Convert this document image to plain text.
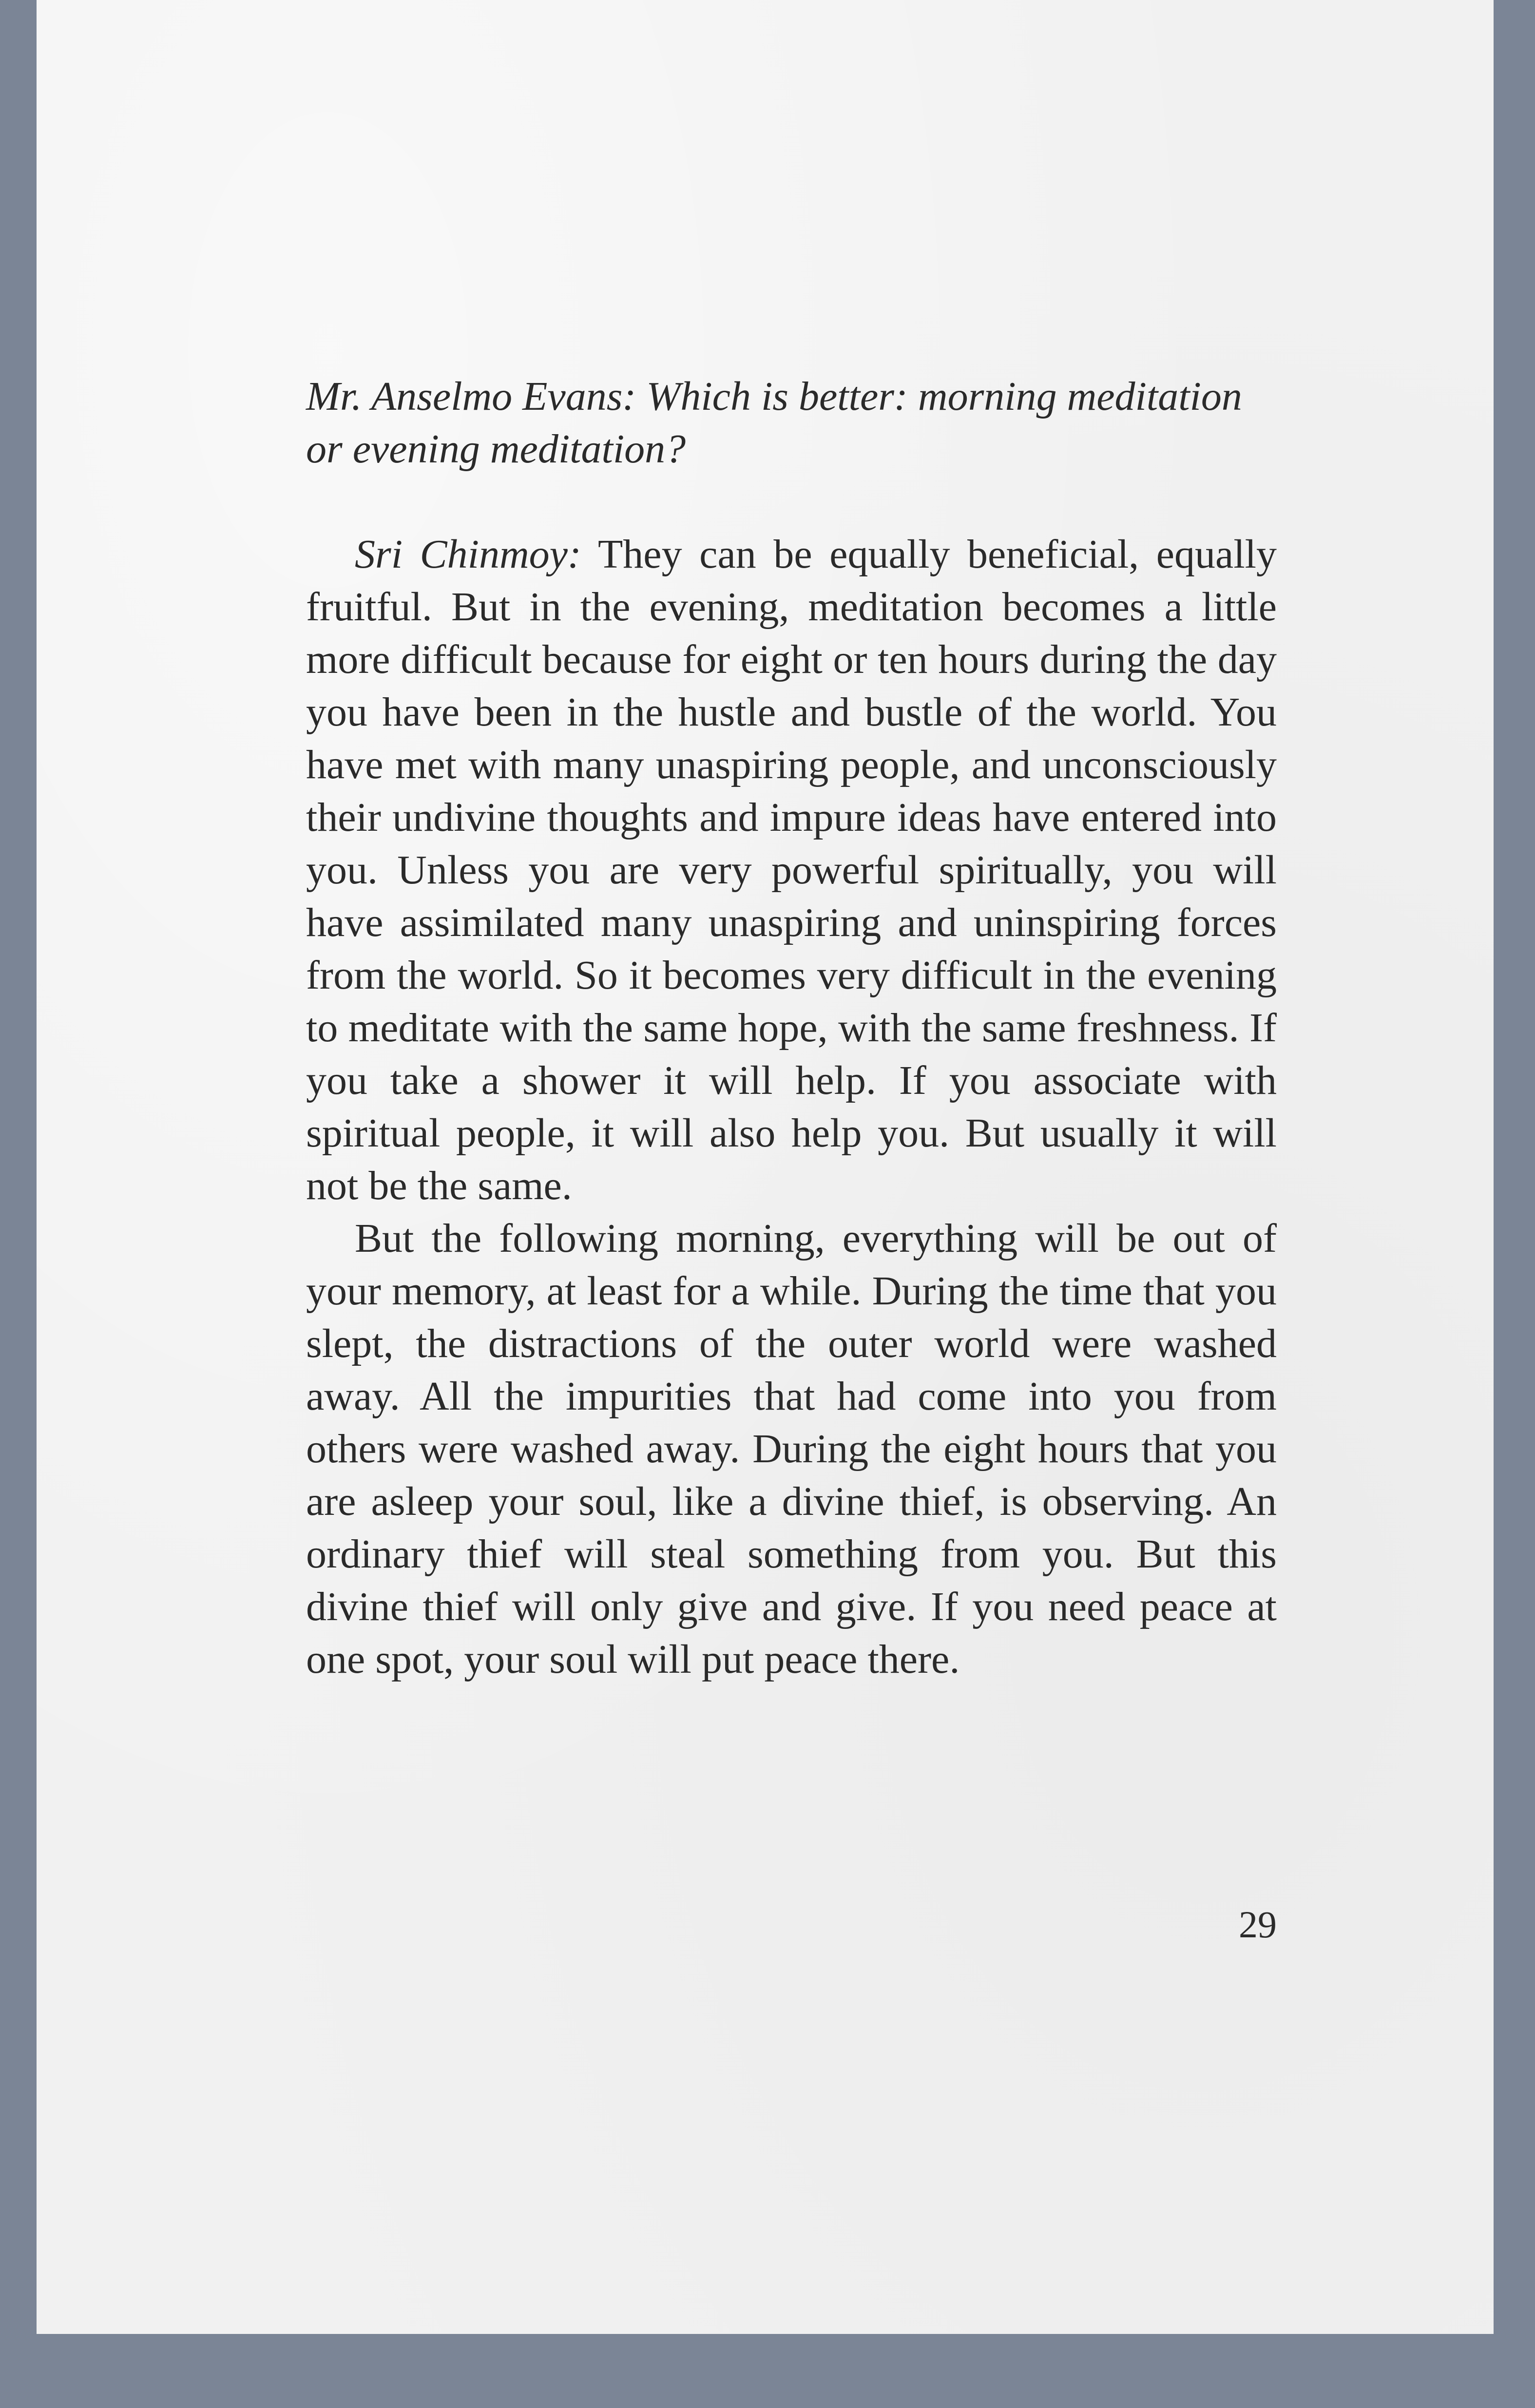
Mr. Anselmo Evans: Which is better: morning meditation or evening meditation?

Sri Chinmoy: They can be equally beneficial, equally fruitful. But in the evening, meditation becomes a little more difficult because for eight or ten hours during the day you have been in the hustle and bustle of the world. You have met with many unaspiring people, and unconsciously their undivine thoughts and impure ideas have entered into you. Unless you are very powerful spiritually, you will have assimilated many unaspiring and uninspiring forces from the world. So it becomes very difficult in the evening to meditate with the same hope, with the same freshness. If you take a shower it will help. If you associate with spiritual people, it will also help you. But usually it will not be the same.

But the following morning, everything will be out of your memory, at least for a while. During the time that you slept, the distractions of the outer world were washed away. All the impurities that had come into you from others were washed away. During the eight hours that you are asleep your soul, like a divine thief, is observing. An ordinary thief will steal something from you. But this divine thief will only give and give. If you need peace at one spot, your soul will put peace there.

29
